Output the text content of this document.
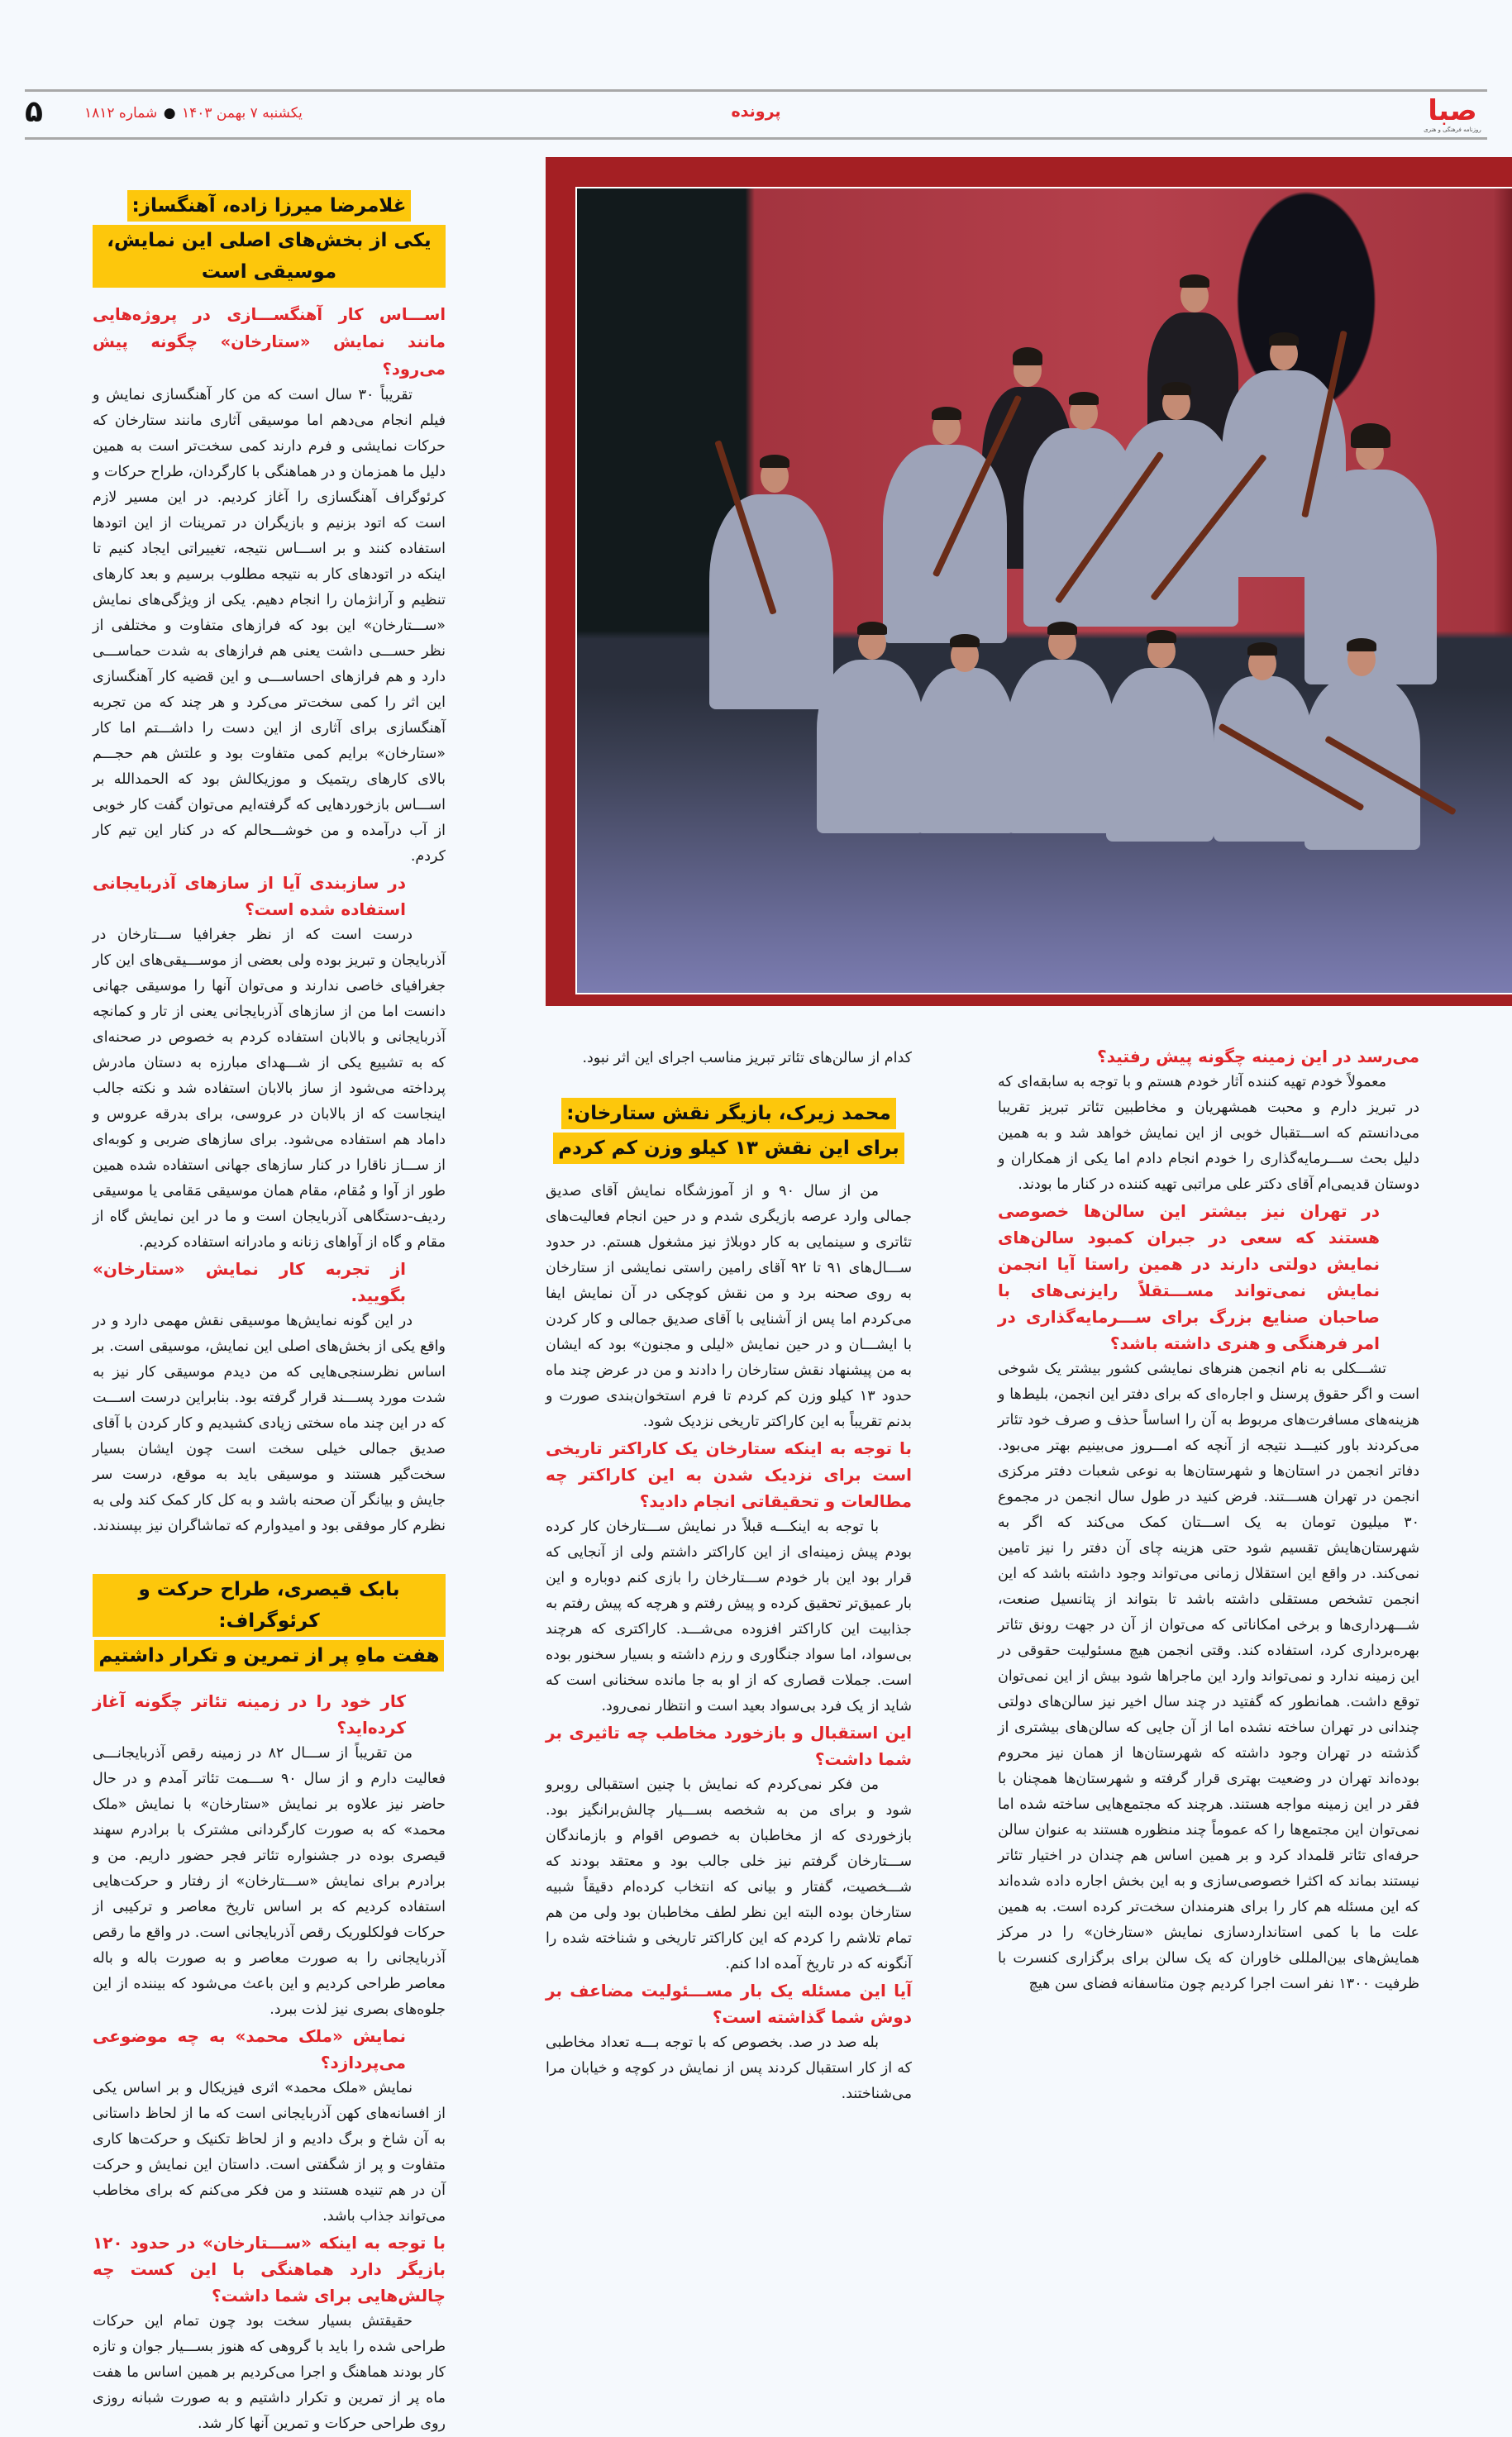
صبا
روزنامه فرهنگی و هنری
پرونده
یکشنبه ۷ بهمن ۱۴۰۳ ● شماره ۱۸۱۲
۵
غلامرضا میرزا زاده، آهنگساز:
یکی از بخش‌های اصلی این نمایش، موسیقی است

اســـاس کار آهنگســـازی در پروژه‌هایی مانند نمایش «ستارخان» چگونه پیش می‌رود؟

تقریباً ۳۰ سال است که من کار آهنگسازی نمایش و فیلم انجام می‌دهم اما موسیقی آثاری مانند ستارخان که حرکات نمایشی و فرم دارند کمی سخت‌تر است به همین دلیل ما همزمان و در هماهنگی با کارگردان، طراح حرکات و کرئوگراف آهنگسازی را آغاز کردیم. در این مسیر لازم است که اتود بزنیم و بازیگران در تمرینات از این اتودها استفاده کنند و بر اســـاس نتیجه، تغییراتی ایجاد کنیم تا اینکه در اتودهای کار به نتیجه مطلوب برسیم و بعد کارهای تنظیم و آرانژمان را انجام دهیم. یکی از ویژگی‌های نمایش «ســـتارخان» این بود که فرازهای متفاوت و مختلفی از نظر حســـی داشت یعنی هم فرازهای به شدت حماســـی دارد و هم فرازهای احساســـی و این قضیه کار آهنگسازی این اثر را کمی سخت‌تر می‌کرد و هر چند که من تجربه آهنگسازی برای آثاری از این دست را داشـــتم اما کار «ستارخان» برایم کمی متفاوت بود و علتش هم حجـــم بالای کارهای ریتمیک و موزیکالش بود که الحمدالله بر اســـاس بازخوردهایی که گرفته‌ایم می‌توان گفت کار خوبی از آب درآمده و من خوشـــحالم که در کنار این تیم کار کردم.

در سازبندی آیا از سازهای آذربایجانی استفاده شده است؟

درست است که از نظر جغرافیا ســـتارخان در آذربایجان و تبریز بوده ولی بعضی از موســـیقی‌های این کار جغرافیای خاصی ندارند و می‌توان آنها را موسیقی جهانی دانست اما من از سازهای آذربایجانی یعنی از تار و کمانچه آذربایجانی و بالابان استفاده کردم به خصوص در صحنه‌ای که به تشییع یکی از شـــهدای مبارزه به دستان مادرش پرداخته می‌شود از ساز بالابان استفاده شد و نکته جالب اینجاست که از بالابان در عروسی، برای بدرقه عروس و داماد هم استفاده می‌شود. برای سازهای ضربی و کوبه‌ای از ســـاز ناقارا در کنار سازهای جهانی استفاده شده همین طور از آوا و مُقام، مقام همان موسیقی مَقامی یا موسیقی ردیف-دستگاهی آذربایجان است و ما در این نمایش گاه از مقام و گاه از آواهای زنانه و مادرانه استفاده کردیم.

از تجربه کار نمایش «ستارخان» بگویید.

در این گونه نمایش‌ها موسیقی نقش مهمی دارد و در واقع یکی از بخش‌های اصلی این نمایش، موسیقی است. بر اساس نظرسنجی‌هایی که من دیدم موسیقی کار نیز به شدت مورد پســـند قرار گرفته بود. بنابراین درست اســـت که در این چند ماه سختی زیادی کشیدیم و کار کردن با آقای صدیق جمالی خیلی سخت است چون ایشان بسیار سخت‌گیر هستند و موسیقی باید به موقع، درست سر جایش و بیانگر آن صحنه باشد و به کل کار کمک کند ولی به نظرم کار موفقی بود و امیدوارم که تماشاگران نیز بپسندند.

بابک قیصری، طراح حرکت و کرئوگراف:
هفت ماهِ پر از تمرین و تکرار داشتیم

کار خود را در زمینه تئاتر چگونه آغاز کرده‌اید؟

من تقریباً از ســـال ۸۲ در زمینه رقص آذربایجانـــی فعالیت دارم و از سال ۹۰ ســـمت تئاتر آمدم و در حال حاضر نیز علاوه بر نمایش «ستارخان» با نمایش «ملک محمد» که به صورت کارگردانی مشترک با برادرم سهند قیصری بوده در جشنواره تئاتر فجر حضور داریم. من و برادرم برای نمایش «ســـتارخان» از رفتار و حرکت‌هایی استفاده کردیم که بر اساس تاریخ معاصر و ترکیبی از حرکات فولکلوریک رقص آذربایجانی است. در واقع ما رقص آذربایجانی را به صورت معاصر و به صورت باله و باله معاصر طراحی کردیم و این باعث می‌شود که بیننده از این جلوه‌های بصری نیز لذت ببرد.

نمایش «ملک محمد» به چه موضوعی می‌پردازد؟

نمایش «ملک محمد» اثری فیزیکال و بر اساس یکی از افسانه‌های کهن آذربایجانی است که ما از لحاظ داستانی به آن شاخ و برگ دادیم و از لحاظ تکنیک و حرکت‌ها کاری متفاوت و پر از شگفتی است. داستان این نمایش و حرکت آن در هم تنیده هستند و من فکر می‌کنم که برای مخاطب می‌تواند جذاب باشد.

با توجه به اینکه «ســـتارخان» در حدود ۱۲۰ بازیگر دارد هماهنگی با این کست چه چالش‌هایی برای شما داشت؟

حقیقتش بسیار سخت بود چون تمام این حرکات طراحی شده را باید با گروهی که هنوز بســـیار جوان و تازه کار بودند هماهنگ و اجرا می‌کردیم بر همین اساس ما هفت ماه پر از تمرین و تکرار داشتیم و به صورت شبانه روزی روی طراحی حرکات و تمرین آنها کار شد.

کدام از سالن‌های تئاتر تبریز مناسب اجرای این اثر نبود.

محمد زیرک، بازیگر نقش ستارخان:
برای این نقش ۱۳ کیلو وزن کم کردم

من از سال ۹۰ و از آموزشگاه نمایش آقای صدیق جمالی وارد عرصه بازیگری شدم و در حین انجام فعالیت‌های تئاتری و سینمایی به کار دوبلاژ نیز مشغول هستم. در حدود ســـال‌های ۹۱ تا ۹۲ آقای رامین راستی نمایشی از ستارخان به روی صحنه برد و من نقش کوچکی در آن نمایش ایفا می‌کردم اما پس از آشنایی با آقای صدیق جمالی و کار کردن با ایشـــان و در حین نمایش «لیلی و مجنون» بود که ایشان به من پیشنهاد نقش ستارخان را دادند و من در عرض چند ماه حدود ۱۳ کیلو وزن کم کردم تا فرم استخوان‌بندی صورت و بدنم تقریباً به این کاراکتر تاریخی نزدیک شود.

با توجه به اینکه ستارخان یک کاراکتر تاریخی است برای نزدیک شدن به این کاراکتر چه مطالعات و تحقیقاتی انجام دادید؟

با توجه به اینکـــه قبلاً در نمایش ســـتارخان کار کرده بودم پیش زمینه‌ای از این کاراکتر داشتم ولی از آنجایی که قرار بود این بار خودم ســـتارخان را بازی کنم دوباره و این بار عمیق‌تر تحقیق کرده و پیش رفتم و هرچه که پیش رفتم به جذابیت این کاراکتر افزوده می‌شـــد. کاراکتری که هرچند بی‌سواد، اما سواد جنگاوری و رزم داشته و بسیار سخنور بوده است. جملات قصاری که از او به جا مانده سخنانی است که شاید از یک فرد بی‌سواد بعید است و انتظار نمی‌رود.

این استقبال و بازخورد مخاطب چه تاثیری بر شما داشت؟

من فکر نمی‌کردم که نمایش با چنین استقبالی روبرو شود و برای من به شخصه بســـیار چالش‌برانگیز بود. بازخوردی که از مخاطبان به خصوص اقوام و بازماندگان ســـتارخان گرفتم نیز خلی جالب بود و معتقد بودند که شـــخصیت، گفتار و بیانی که انتخاب کرده‌ام دقیقاً شبیه ستارخان بوده البته این نظر لطف مخاطبان بود ولی من هم تمام تلاشم را کردم که این کاراکتر تاریخی و شناخته شده را آنگونه که در تاریخ آمده ادا کنم.

آیا این مسئله یک بار مســـئولیت مضاعف بر دوش شما گذاشته است؟

بله صد در صد. بخصوص که با توجه بـــه تعداد مخاطبی که از کار استقبال کردند پس از نمایش در کوچه و خیابان مرا می‌شناختند.

می‌رسد در این زمینه چگونه پیش رفتید؟

معمولاً خودم تهیه کننده آثار خودم هستم و با توجه به سابقه‌ای که در تبریز دارم و محبت همشهریان و مخاطبین تئاتر تبریز تقریبا می‌دانستم که اســـتقبال خوبی از این نمایش خواهد شد و به همین دلیل بحث ســـرمایه‌گذاری را خودم انجام دادم اما یکی از همکاران و دوستان قدیمی‌ام آقای دکتر علی مراتبی تهیه کننده در کنار ما بودند.

در تهران نیز بیشتر این سالن‌ها خصوصی هستند که سعی در جبران کمبود سالن‌های نمایش دولتی دارند در همین راستا آیا انجمن نمایش نمی‌تواند مســـتقلاً رایزنی‌های با صاحبان صنایع بزرگ برای ســـرمایه‌گذاری در امر فرهنگی و هنری داشته باشد؟

تشـــکلی به نام انجمن هنرهای نمایشی کشور بیشتر یک شوخی است و اگر حقوق پرسنل و اجاره‌ای که برای دفتر این انجمن، بلیط‌ها و هزینه‌های مسافرت‌های مربوط به آن را اساساً حذف و صرف خود تئاتر می‌کردند باور کنیـــد نتیجه از آنچه که امـــروز می‌بینیم بهتر می‌بود. دفاتر انجمن در استان‌ها و شهرستان‌ها به نوعی شعبات دفتر مرکزی انجمن در تهران هســـتند. فرض کنید در طول سال انجمن در مجموع ۳۰ میلیون تومان به یک اســـتان کمک می‌کند که اگر به شهرستان‌هایش تقسیم شود حتی هزینه چای آن دفتر را نیز تامین نمی‌کند. در واقع این استقلال زمانی می‌تواند وجود داشته باشد که این انجمن تشخص مستقلی داشته باشد تا بتواند از پتانسیل صنعت، شـــهرداری‌ها و برخی امکاناتی که می‌توان از آن در جهت رونق تئاتر بهره‌برداری کرد، استفاده کند. وقتی انجمن هیچ مسئولیت حقوقی در این زمینه ندارد و نمی‌تواند وارد این ماجراها شود بیش از این نمی‌توان توقع داشت. همانطور که گفتید در چند سال اخیر نیز سالن‌های دولتی چندانی در تهران ساخته نشده اما از آن جایی که سالن‌های بیشتری از گذشته در تهران وجود داشته که شهرستان‌ها از همان نیز محروم بوده‌اند تهران در وضعیت بهتری قرار گرفته و شهرستان‌ها همچنان با فقر در این زمینه مواجه هستند. هرچند که مجتمع‌هایی ساخته شده اما نمی‌توان این مجتمع‌ها را که عموماً چند منظوره هستند به عنوان سالن حرفه‌ای تئاتر قلمداد کرد و بر همین اساس هم چندان در اختیار تئاتر نیستند بماند که اکثرا خصوصی‌سازی و به این بخش اجاره داده شده‌اند که این مسئله هم کار را برای هنرمندان سخت‌تر کرده است. به همین علت ما با کمی استانداردسازی نمایش «ستارخان» را در مرکز همایش‌های بین‌المللی خاوران که یک سالن برای برگزاری کنسرت با ظرفیت ۱۳۰۰ نفر است اجرا کردیم چون متاسفانه فضای سن هیچ
